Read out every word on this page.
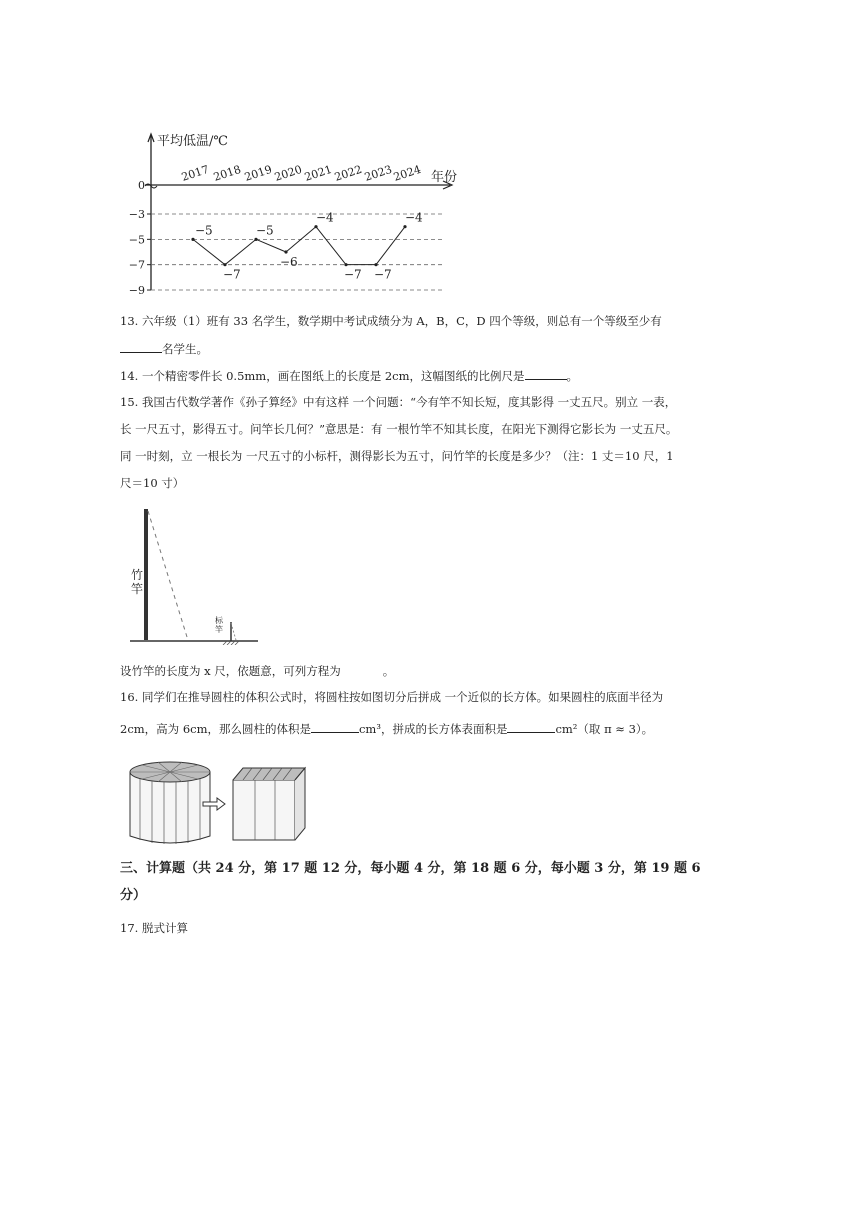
平均低温/℃
年份
0
−3
−5
−7
−9
2017 2018 2019 2020 2021 2022 2023
2024
−5
−7
−5
−6
−4
−7 −7
−4
13. 六年级（1）班有 33 名学生，数学期中考试成绩分为 A，B，C，D 四个等级，则总有一个等级至少有
名学生。
14. 一个精密零件长 0.5mm，画在图纸上的长度是 2cm，这幅图纸的比例尺是	。
15. 我国古代数学著作《孙子算经》中有这样 一个问题：“今有竿不知长短，度其影得 一丈五尺。别立 一表，
长 一尺五寸，影得五寸。问竿长几何？”意思是：有 一根竹竿不知其长度，在阳光下测得它影长为 一丈五尺。
同 一时刻，立 一根长为 一尺五寸的小标杆，测得影长为五寸，问竹竿的长度是多少？（注：1 丈＝10 尺，1
尺＝10 寸）
竹竿
标竿
设竹竿的长度为 x 尺，依题意，可列方程为	。
16. 同学们在推导圆柱的体积公式时，将圆柱按如图切分后拼成 一个近似的长方体。如果圆柱的底面半径为
2cm，高为 6cm，那么圆柱的体积是	cm³，拼成的长方体表面积是	cm²（取 π ≈ 3）。
三、计算题（共 24 分，第 17 题 12 分，每小题 4 分，第 18 题 6 分，每小题 3 分，第 19 题 6
分）
17. 脱式计算
